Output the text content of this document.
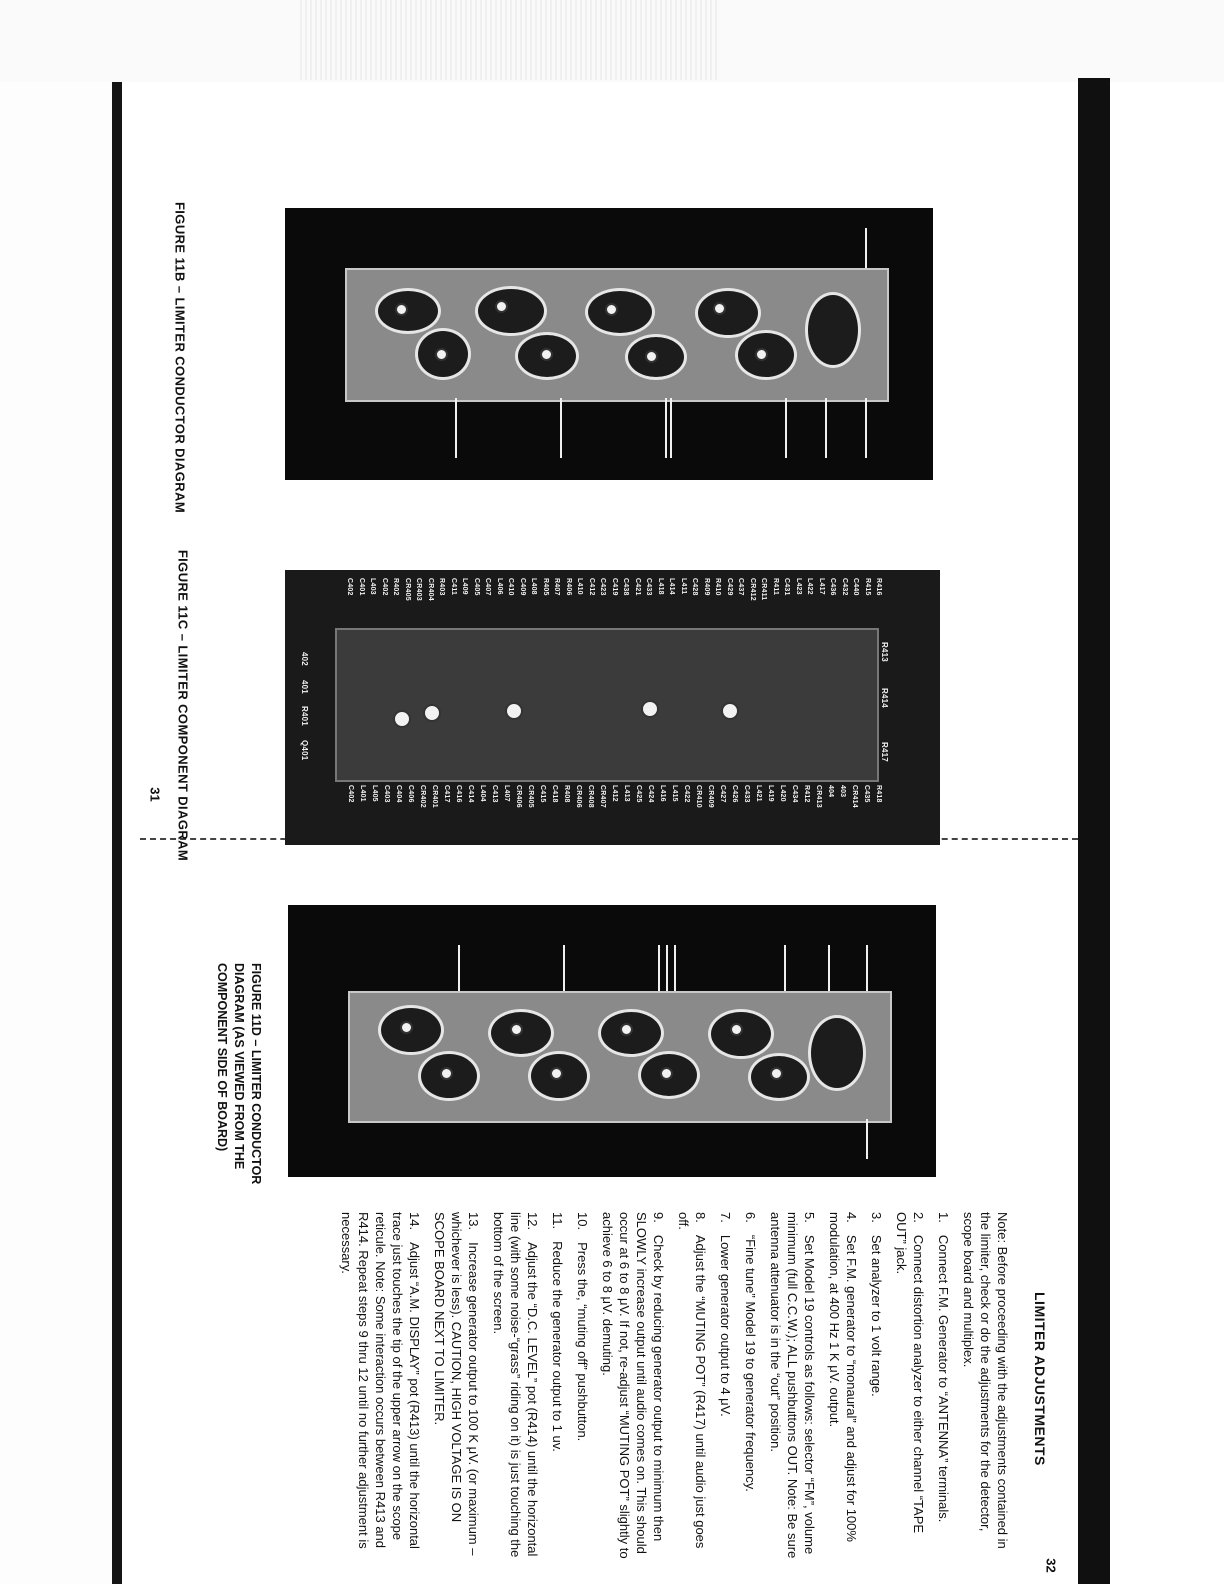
FIGURE 11B – LIMITER CONDUCTOR DIAGRAM
R413
R414
R417
402
401
R401
Q401
R416
R415
C440
C432
C436
L417
L422
L423
C431
R411
CR411
CR412
C437
C429
R410
R409
C428
L411
L414
L418
C433
C421
C438
C419
C423
C412
L410
R406
R407
R405
L408
C409
C410
L406
C407
C405
L409
C411
R403
CR404
CR403
CR405
R402
C402
L403
C401
C402
R418
C435
CR414
403
404
CR413
R412
C434
L420
L419
L421
C433
C426
C427
CR409
CR410
C422
L415
L416
C424
C425
L413
L412
CR407
CR408
CR406
R408
C418
C415
CR405
CR406
L407
C413
L404
C414
C416
C417
CR401
CR402
C406
C404
C403
L405
L401
C402
FIGURE 11C – LIMITER COMPONENT DIAGRAM
31
FIGURE 11D – LIMITER CONDUCTOR DIAGRAM (AS VIEWED FROM THE COMPONENT SIDE OF BOARD)
LIMITER ADJUSTMENTS
Note: Before proceeding with the adjustments contained in the limiter, check or do the adjustments for the detector, scope board and multiplex.
1.Connect F.M. Generator to “ANTENNA” terminals.
2.Connect distortion analyzer to either channel “TAPE OUT” jack.
3.Set analyzer to 1 volt range.
4.Set F.M. generator to “monaural” and adjust for 100% modulation, at 400 Hz 1 K μV. output.
5.Set Model 19 controls as follows: selector “FM”, volume minimum (full C.C.W.); ALL pushbuttons OUT. Note: Be sure antenna attenuator is in the “out” position.
6.“Fine tune” Model 19 to generator frequency.
7.Lower generator output to 4 μV.
8.Adjust the “MUTING POT” (R417) until audio just goes off.
9.Check by reducing generator output to minimum then SLOWLY increase output until audio comes on. This should occur at 6 to 8 μV. If not, re-adjust “MUTING POT” slightly to achieve 6 to 8 μV. demuting.
10.Press the, “muting off” pushbutton.
11.Reduce the generator output to 1 uv.
12.Adjust the “D.C. LEVEL” pot (R414) until the horizontal line (with some noise-“grass” riding on it) is just touching the bottom of the screen.
13.Increase generator output to 100 K μV. (or maximum – whichever is less). CAUTION, HIGH VOLTAGE IS ON SCOPE BOARD NEXT TO LIMITER.
14.Adjust “A.M. DISPLAY” pot (R413) until the horizontal trace just touches the tip of the upper arrow on the scope reticule. Note: Some interaction occurs between R413 and R414. Repeat steps 9 thru 12 until no further adjustment is necessary.
32
